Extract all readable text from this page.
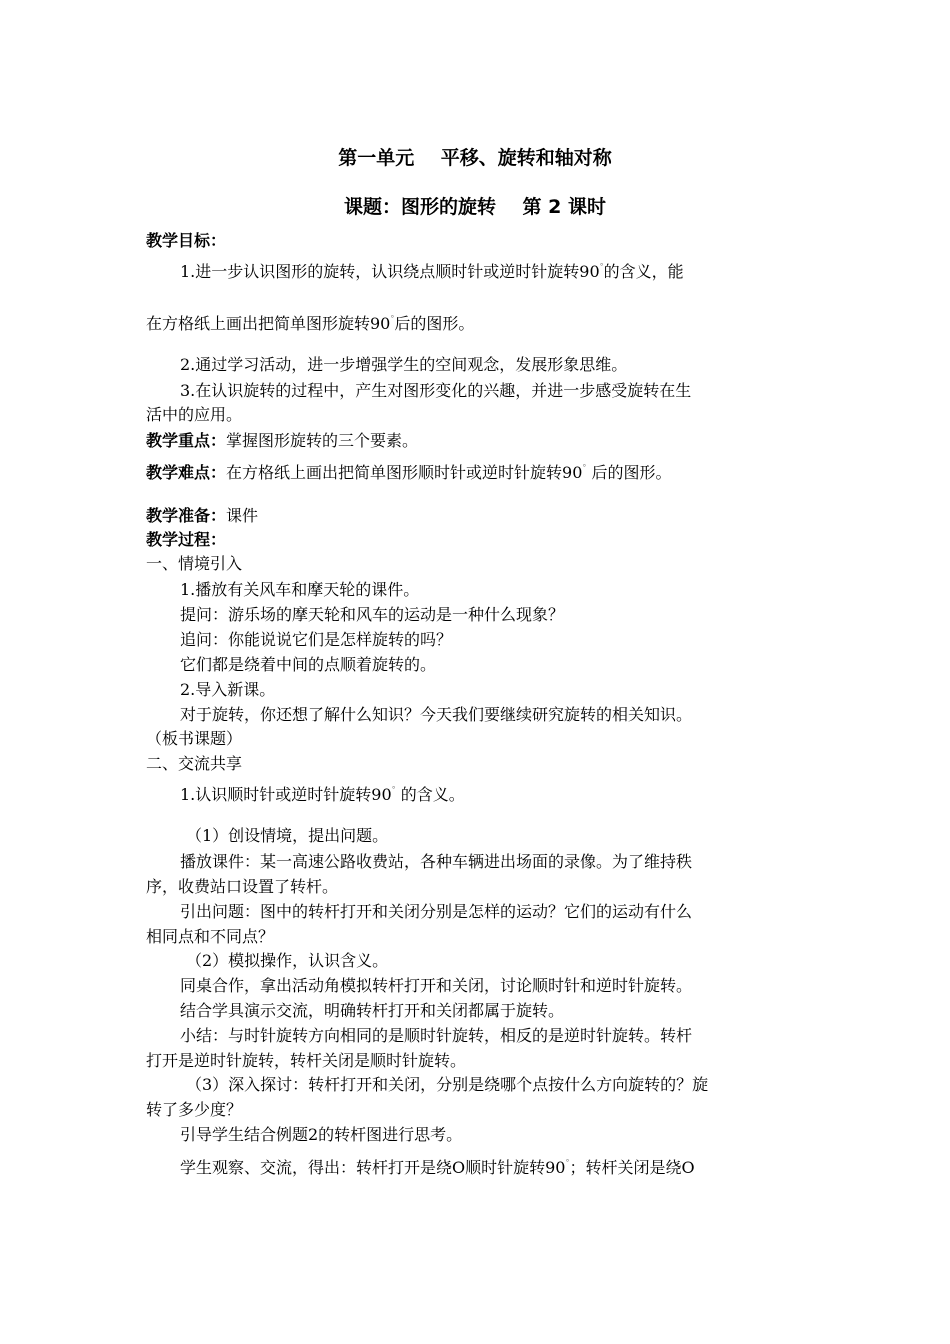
第一单元    平移、旋转和轴对称
课题：图形的旋转    第 2 课时
教学目标：
1.进一步认识图形的旋转，认识绕点顺时针或逆时针旋转90°的含义，能
在方格纸上画出把简单图形旋转90°后的图形。
2.通过学习活动，进一步增强学生的空间观念，发展形象思维。
3.在认识旋转的过程中，产生对图形变化的兴趣，并进一步感受旋转在生
活中的应用。
教学重点：掌握图形旋转的三个要素。
教学难点：在方格纸上画出把简单图形顺时针或逆时针旋转90° 后的图形。
教学准备：课件
教学过程：
一、情境引入
1.播放有关风车和摩天轮的课件。
提问：游乐场的摩天轮和风车的运动是一种什么现象？
追问：你能说说它们是怎样旋转的吗？
它们都是绕着中间的点顺着旋转的。
2.导入新课。
对于旋转，你还想了解什么知识？今天我们要继续研究旋转的相关知识。
（板书课题）
二、交流共享
1.认识顺时针或逆时针旋转90° 的含义。
（1）创设情境，提出问题。
播放课件：某一高速公路收费站，各种车辆进出场面的录像。为了维持秩
序，收费站口设置了转杆。
引出问题：图中的转杆打开和关闭分别是怎样的运动？它们的运动有什么
相同点和不同点？
（2）模拟操作，认识含义。
同桌合作，拿出活动角模拟转杆打开和关闭，讨论顺时针和逆时针旋转。
结合学具演示交流，明确转杆打开和关闭都属于旋转。
小结：与时针旋转方向相同的是顺时针旋转，相反的是逆时针旋转。转杆
打开是逆时针旋转，转杆关闭是顺时针旋转。
（3）深入探讨：转杆打开和关闭，分别是绕哪个点按什么方向旋转的？旋
转了多少度？
引导学生结合例题2的转杆图进行思考。
学生观察、交流，得出：转杆打开是绕O顺时针旋转90°；转杆关闭是绕O
